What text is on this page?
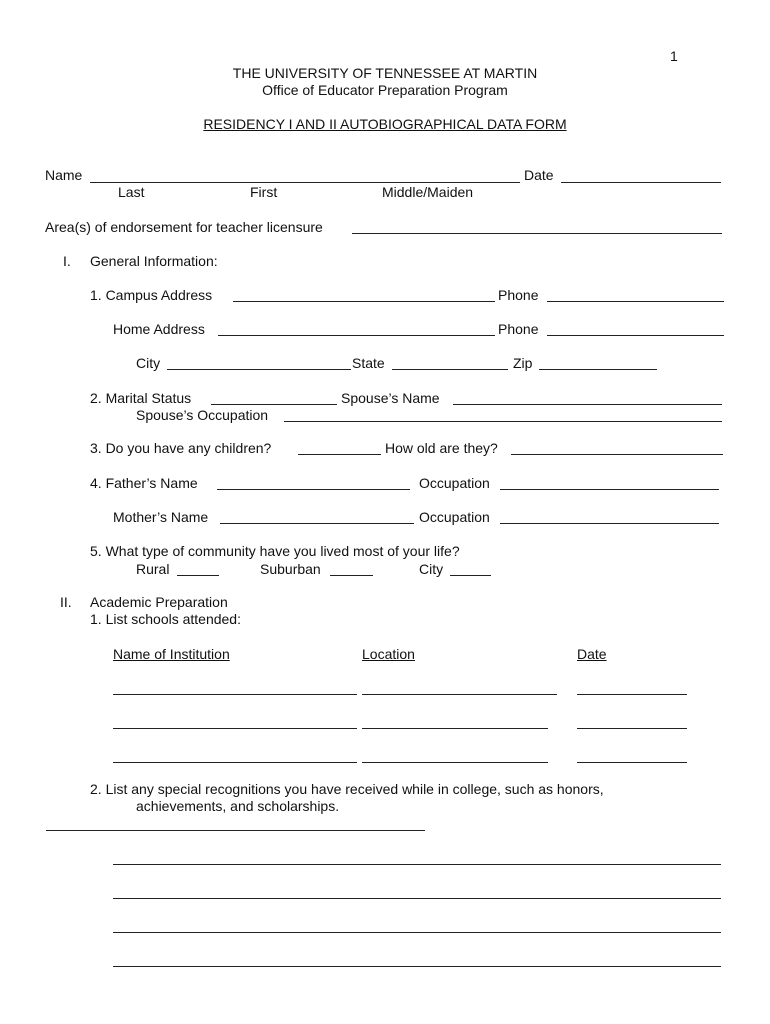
1
THE UNIVERSITY OF TENNESSEE AT MARTIN
Office of Educator Preparation Program
RESIDENCY I AND II AUTOBIOGRAPHICAL DATA FORM
Name	Date
Last	First	Middle/Maiden
Area(s) of endorsement for teacher licensure
I. General Information:
1. Campus Address	Phone
Home Address	Phone
City	State	Zip
2. Marital Status	Spouse’s Name
Spouse’s Occupation
3. Do you have any children?	How old are they?
4. Father’s Name	Occupation
Mother’s Name	Occupation
5. What type of community have you lived most of your life?
Rural	Suburban	City
II. Academic Preparation
1. List schools attended:
Name of Institution	Location	Date
2. List any special recognitions you have received while in college, such as honors,
achievements, and scholarships.
